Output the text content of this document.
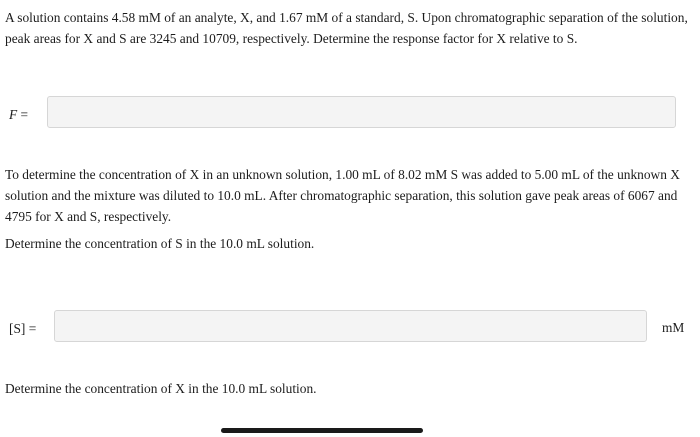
A solution contains 4.58 mM of an analyte, X, and 1.67 mM of a standard, S. Upon chromatographic separation of the solution, peak areas for X and S are 3245 and 10709, respectively. Determine the response factor for X relative to S.

F =

To determine the concentration of X in an unknown solution, 1.00 mL of 8.02 mM S was added to 5.00 mL of the unknown X solution and the mixture was diluted to 10.0 mL. After chromatographic separation, this solution gave peak areas of 6067 and 4795 for X and S, respectively.

Determine the concentration of S in the 10.0 mL solution.

[S] =	mM

Determine the concentration of X in the 10.0 mL solution.
